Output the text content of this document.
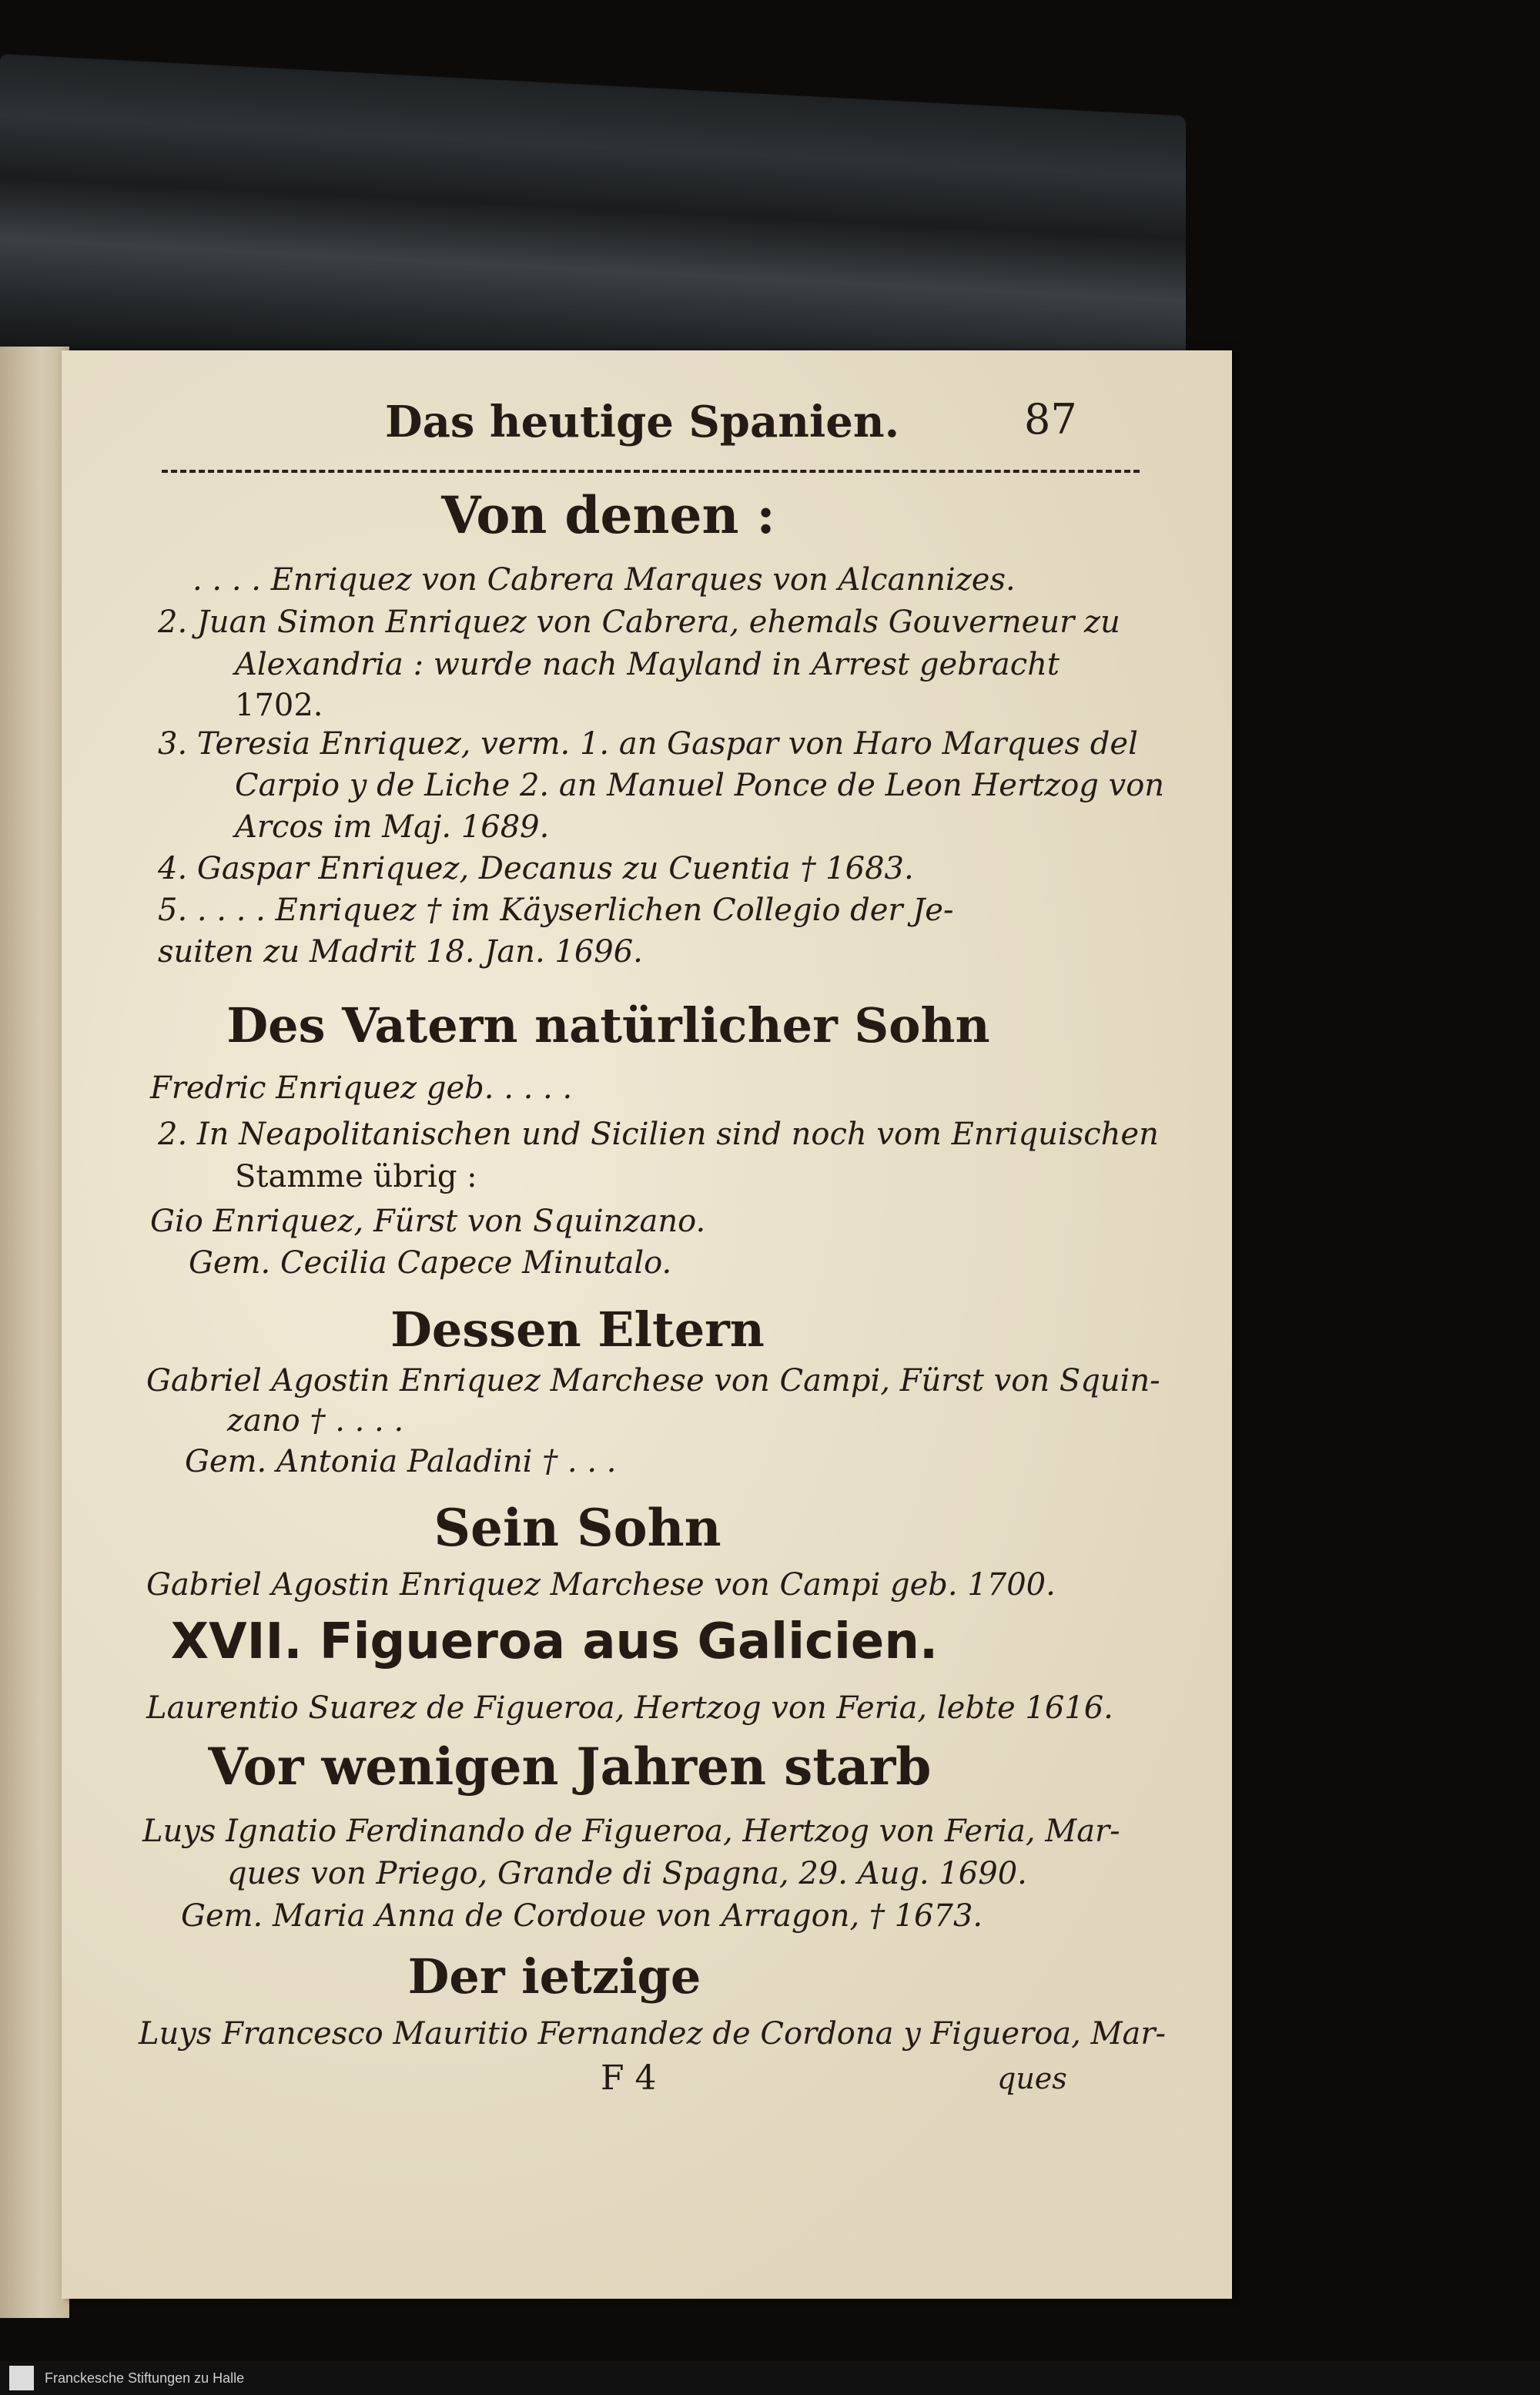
Das heutige Spanien.	87
Von denen :
. . . . Enriquez von Cabrera Marques von Alcannizes.
2. Juan Simon Enriquez von Cabrera, ehemals Gouverneur zu
Alexandria : wurde nach Mayland in Arrest gebracht
1702.
3. Teresia Enriquez, verm. 1. an Gaspar von Haro Marques del
Carpio y de Liche 2. an Manuel Ponce de Leon Hertzog von
Arcos im Maj. 1689.
4. Gaspar Enriquez, Decanus zu Cuentia † 1683.
5. . . . . Enriquez † im Käyserlichen Collegio der Je-
suiten zu Madrit 18. Jan. 1696.
Des Vatern natürlicher Sohn
Fredric Enriquez geb. . . . .
2. In Neapolitanischen und Sicilien sind noch vom Enriquischen
Stamme übrig :
Gio Enriquez, Fürst von Squinzano.
Gem. Cecilia Capece Minutalo.
Dessen Eltern
Gabriel Agostin Enriquez Marchese von Campi, Fürst von Squin-
zano † . . . .
Gem. Antonia Paladini † . . .
Sein Sohn
Gabriel Agostin Enriquez Marchese von Campi geb. 1700.
XVII. Figueroa aus Galicien.
Laurentio Suarez de Figueroa, Hertzog von Feria, lebte 1616.
Vor wenigen Jahren starb
Luys Ignatio Ferdinando de Figueroa, Hertzog von Feria, Mar-
ques von Priego, Grande di Spagna, 29. Aug. 1690.
Gem. Maria Anna de Cordoue von Arragon, † 1673.
Der ietzige
Luys Francesco Mauritio Fernandez de Cordona y Figueroa, Mar-
F 4	ques
Franckesche Stiftungen zu Halle
